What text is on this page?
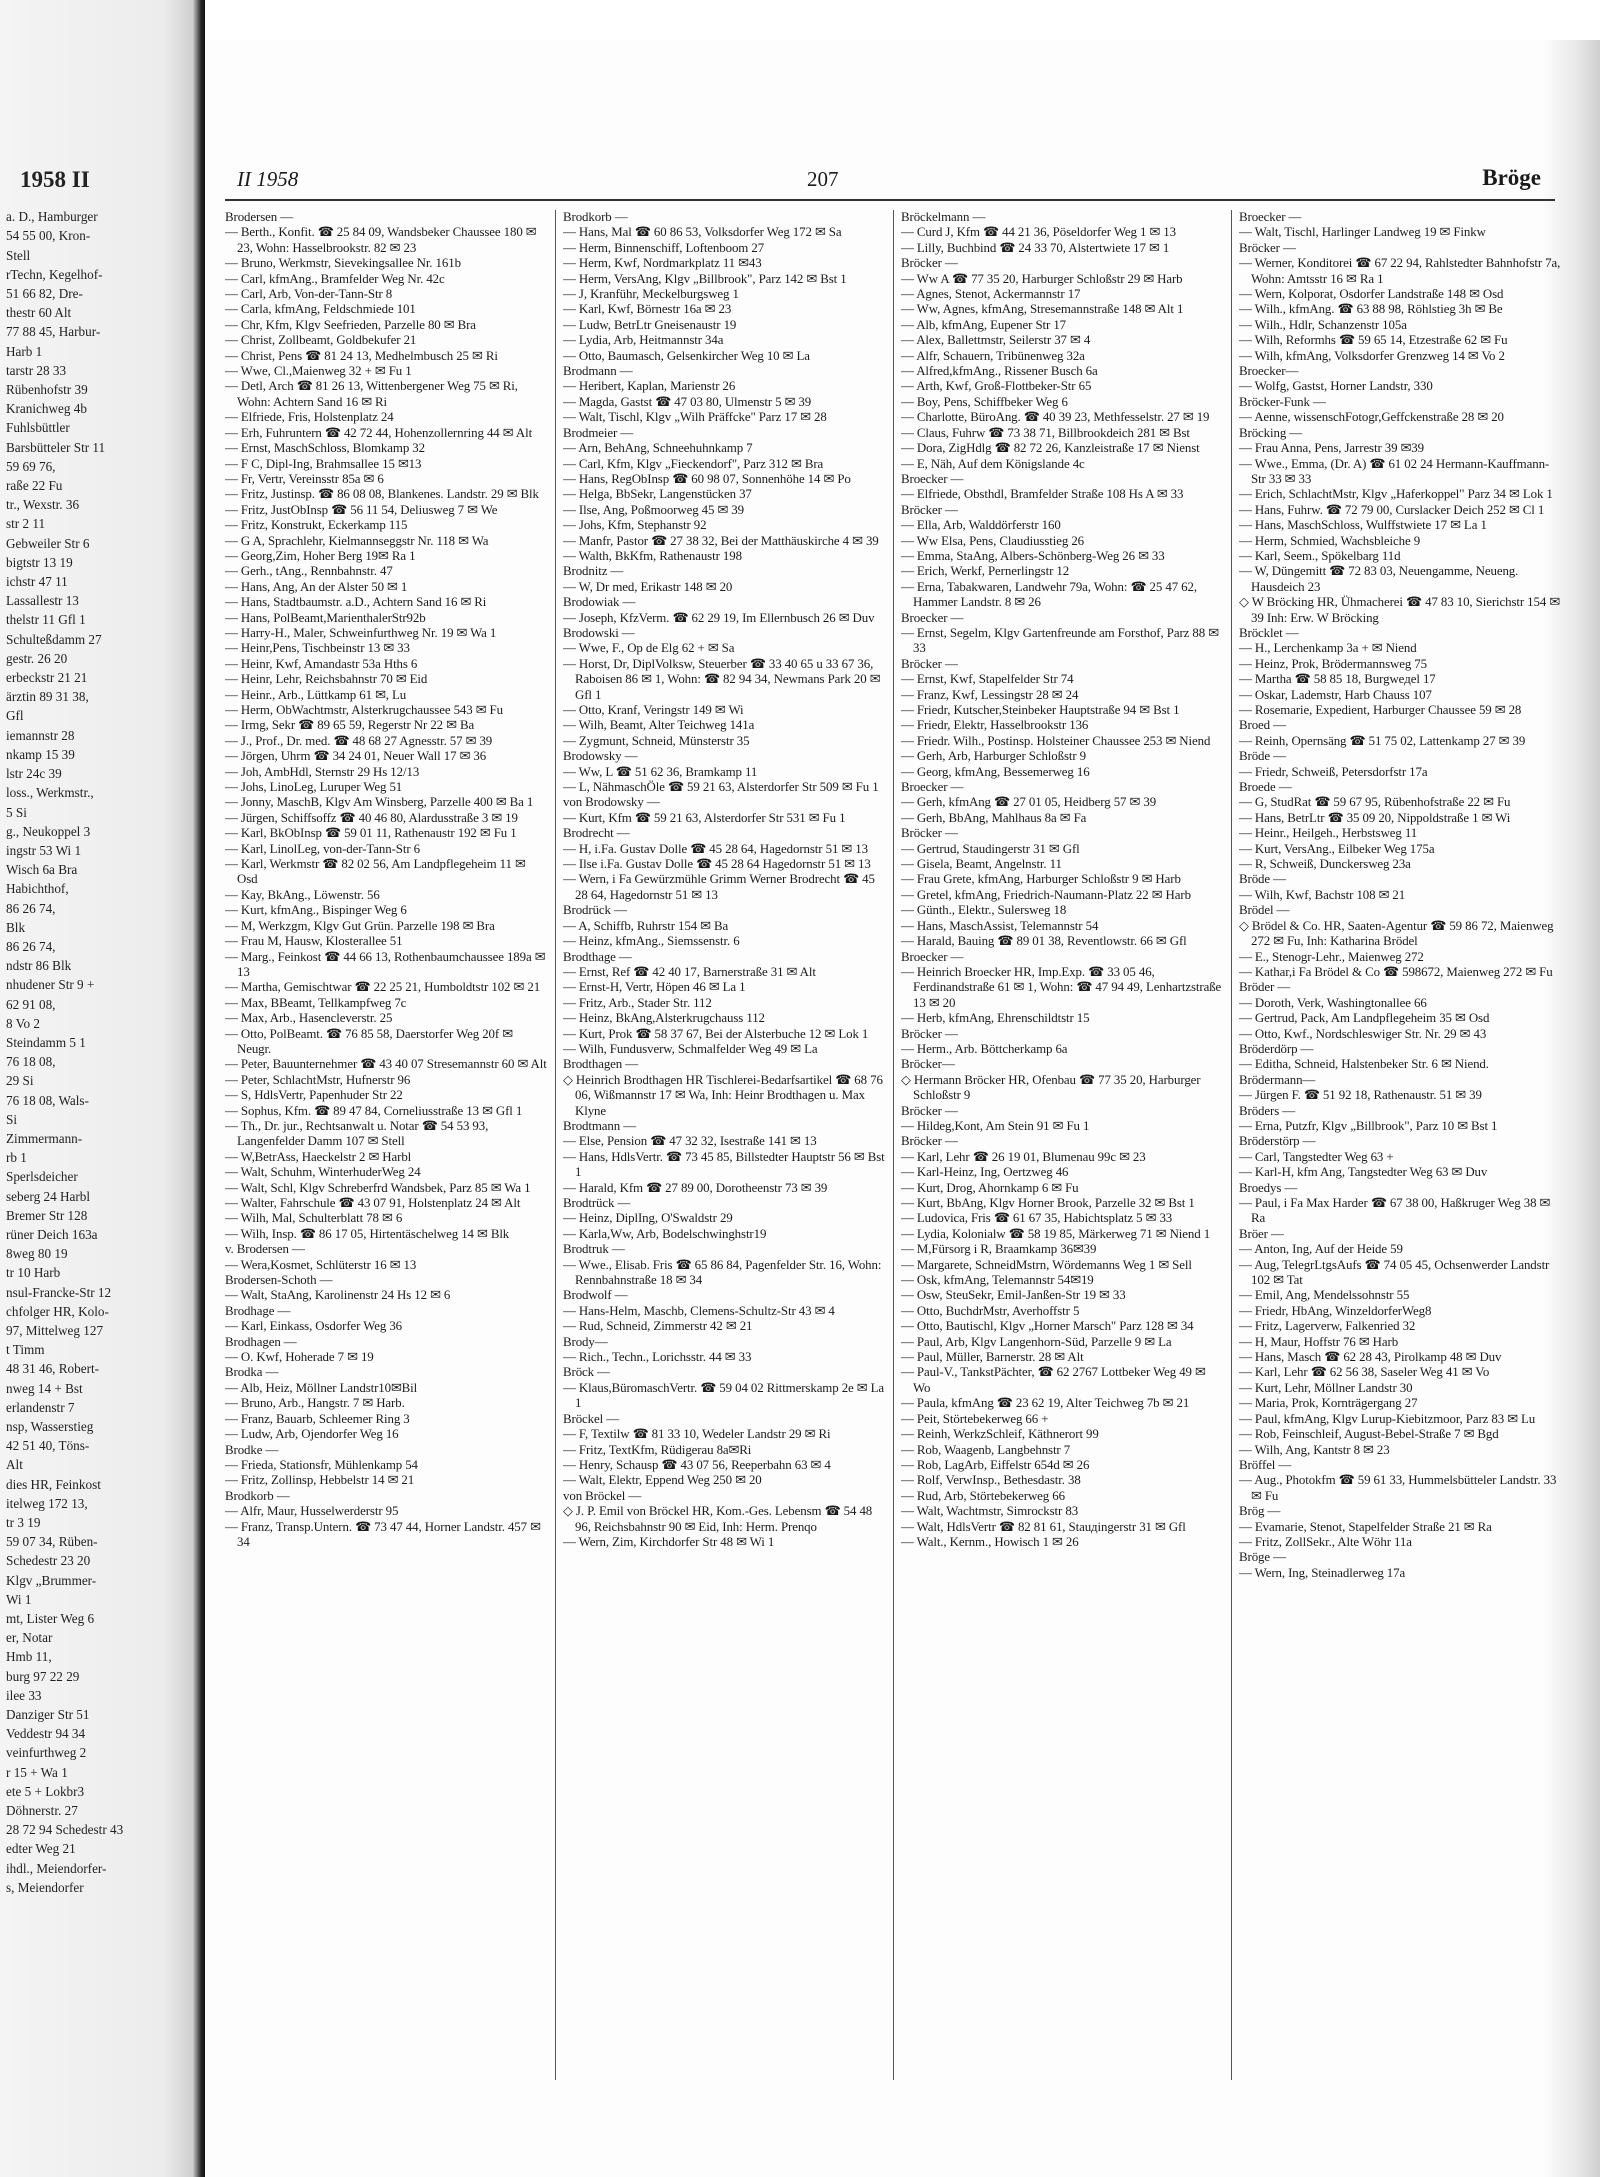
1958 II
a. D., Hamburger
54 55 00, Kron-
Stell
rTechn, Kegelhof-
51 66 82, Dre-
thestr 60 Alt
77 88 45, Harbur-
Harb 1
tarstr 28 33
Rübenhofstr 39
Kranichweg 4b
Fuhlsbüttler
Barsbütteler Str 11
59 69 76,
raße 22 Fu
tr., Wexstr. 36
str 2 11
Gebweiler Str 6
bigtstr 13 19
ichstr 47 11
Lassallestr 13
thelstr 11 Gfl 1
Schulteßdamm 27
gestr. 26 20
erbeckstr 21 21
ärztin 89 31 38,
Gfl
iemannstr 28
nkamp 15 39
lstr 24c 39
loss., Werkmstr.,
5 Si
g., Neukoppel 3
ingstr 53 Wi 1
Wisch 6a Bra
Habichthof,
86 26 74,
Blk
86 26 74,
ndstr 86 Blk
nhudener Str 9 +
62 91 08,
8 Vo 2
Steindamm 5 1
76 18 08,
29 Si
76 18 08, Wals-
Si
Zimmermann-
rb 1
Sperlsdeicher
seberg 24 Harbl
Bremer Str 128
rüner Deich 163a
8weg 80 19
tr 10 Harb
nsul-Francke-Str 12
chfolger HR, Kolo-
97, Mittelweg 127
t Timm
48 31 46, Robert-
nweg 14 + Bst
erlandenstr 7
nsp, Wasserstieg
42 51 40, Töns-
Alt
dies HR, Feinkost
itelweg 172 13,
tr 3 19
59 07 34, Rüben-
Schedestr 23 20
Klgv „Brummer-
Wi 1
mt, Lister Weg 6
er, Notar
Hmb 11,
burg 97 22 29
ilee 33
Danziger Str 51
Veddestr 94 34
veinfurthweg 2
r 15 + Wa 1
ete 5 + Lokbr3
Döhnerstr. 27
28 72 94 Schedestr 43
edter Weg 21
ihdl., Meiendorfer-
s, Meiendorfer
II 1958	207	Bröge

Brodersen —

— Berth., Konfit. ☎ 25 84 09, Wandsbeker Chaussee 180 ✉ 23, Wohn: Hasselbrookstr. 82 ✉ 23

— Bruno, Werkmstr, Sievekingsallee Nr. 161b

— Carl, kfmAng., Bramfelder Weg Nr. 42c

— Carl, Arb, Von-der-Tann-Str 8

— Carla, kfmAng, Feldschmiede 101

— Chr, Kfm, Klgv Seefrieden, Parzelle 80 ✉ Bra

— Christ, Zollbeamt, Goldbekufer 21

— Christ, Pens ☎ 81 24 13, Medhelmbusch 25 ✉ Ri

— Wwe, Cl.,Maienweg 32 + ✉ Fu 1

— Detl, Arch ☎ 81 26 13, Wittenbergener Weg 75 ✉ Ri, Wohn: Achtern Sand 16 ✉ Ri

— Elfriede, Fris, Holstenplatz 24

— Erh, Fuhruntern ☎ 42 72 44, Hohenzollernring 44 ✉ Alt

— Ernst, MaschSchloss, Blomkamp 32

— F C, Dipl-Ing, Brahmsallee 15 ✉13

— Fr, Vertr, Vereinsstr 85a ✉ 6

— Fritz, Justinsp. ☎ 86 08 08, Blankenes. Landstr. 29 ✉ Blk

— Fritz, JustObInsp ☎ 56 11 54, Deliusweg 7 ✉ We

— Fritz, Konstrukt, Eckerkamp 115

— G A, Sprachlehr, Kielmannseggstr Nr. 118 ✉ Wa

— Georg,Zim, Hoher Berg 19✉ Ra 1

— Gerh., tAng., Rennbahnstr. 47

— Hans, Ang, An der Alster 50 ✉ 1

— Hans, Stadtbaumstr. a.D., Achtern Sand 16 ✉ Ri

— Hans, PolBeamt,MarienthalerStr92b

— Harry-H., Maler, Schweinfurthweg Nr. 19 ✉ Wa 1

— Heinr,Pens, Tischbeinstr 13 ✉ 33

— Heinr, Kwf, Amandastr 53a Hths 6

— Heinr, Lehr, Reichsbahnstr 70 ✉ Eid

— Heinr., Arb., Lüttkamp 61 ✉, Lu

— Herm, ObWachtmstr, Alsterkrugchaussee 543 ✉ Fu

— Irmg, Sekr ☎ 89 65 59, Regerstr Nr 22 ✉ Ba

— J., Prof., Dr. med. ☎ 48 68 27 Agnesstr. 57 ✉ 39

— Jörgen, Uhrm ☎ 34 24 01, Neuer Wall 17 ✉ 36

— Joh, AmbHdl, Sternstr 29 Hs 12/13

— Johs, LinoLeg, Luruper Weg 51

— Jonny, MaschB, Klgv Am Winsberg, Parzelle 400 ✉ Ba 1

— Jürgen, Schiffsoffz ☎ 40 46 80, Alardusstraße 3 ✉ 19

— Karl, BkObInsp ☎ 59 01 11, Rathenaustr 192 ✉ Fu 1

— Karl, LinolLeg, von-der-Tann-Str 6

— Karl, Werkmstr ☎ 82 02 56, Am Landpflegeheim 11 ✉ Osd

— Kay, BkAng., Löwenstr. 56

— Kurt, kfmAng., Bispinger Weg 6

— M, Werkzgm, Klgv Gut Grün. Parzelle 198 ✉ Bra

— Frau M, Hausw, Klosterallee 51

— Marg., Feinkost ☎ 44 66 13, Rothenbaumchaussee 189a ✉ 13

— Martha, Gemischtwar ☎ 22 25 21, Humboldtstr 102 ✉ 21

— Max, BBeamt, Tellkampfweg 7c

— Max, Arb., Hasencleverstr. 25

— Otto, PolBeamt. ☎ 76 85 58, Daerstorfer Weg 20f ✉ Neugr.

— Peter, Bauunternehmer ☎ 43 40 07 Stresemannstr 60 ✉ Alt

— Peter, SchlachtMstr, Hufnerstr 96

— S, HdlsVertr, Papenhuder Str 22

— Sophus, Kfm. ☎ 89 47 84, Corneliusstraße 13 ✉ Gfl 1

— Th., Dr. jur., Rechtsanwalt u. Notar ☎ 54 53 93, Langenfelder Damm 107 ✉ Stell

— W,BetrAss, Haeckelstr 2 ✉ Harbl

— Walt, Schuhm, WinterhuderWeg 24

— Walt, Schl, Klgv Schreberfrd Wandsbek, Parz 85 ✉ Wa 1

— Walter, Fahrschule ☎ 43 07 91, Holstenplatz 24 ✉ Alt

— Wilh, Mal, Schulterblatt 78 ✉ 6

— Wilh, Insp. ☎ 86 17 05, Hirtentäschelweg 14 ✉ Blk

v. Brodersen —

— Wera,Kosmet, Schlüterstr 16 ✉ 13

Brodersen-Schoth —

— Walt, StaAng, Karolinenstr 24 Hs 12 ✉ 6

Brodhage —

— Karl, Einkass, Osdorfer Weg 36

Brodhagen —

— O. Kwf, Hoherade 7 ✉ 19

Brodka —

— Alb, Heiz, Möllner Landstr10✉Bil

— Bruno, Arb., Hangstr. 7 ✉ Harb.

— Franz, Bauarb, Schleemer Ring 3

— Ludw, Arb, Ojendorfer Weg 16

Brodke —

— Frieda, Stationsfr, Mühlenkamp 54

— Fritz, Zollinsp, Hebbelstr 14 ✉ 21

Brodkorb —

— Alfr, Maur, Husselwerderstr 95

— Franz, Transp.Untern. ☎ 73 47 44, Horner Landstr. 457 ✉ 34

Brodkorb —

— Hans, Mal ☎ 60 86 53, Volksdorfer Weg 172 ✉ Sa

— Herm, Binnenschiff, Loftenboom 27

— Herm, Kwf, Nordmarkplatz 11 ✉43

— Herm, VersAng, Klgv „Billbrook", Parz 142 ✉ Bst 1

— J, Kranführ, Meckelburgsweg 1

— Karl, Kwf, Börnestr 16a ✉ 23

— Ludw, BetrLtr Gneisenaustr 19

— Lydia, Arb, Heitmannstr 34a

— Otto, Baumasch, Gelsenkircher Weg 10 ✉ La

Brodmann —

— Heribert, Kaplan, Marienstr 26

— Magda, Gastst ☎ 47 03 80, Ulmenstr 5 ✉ 39

— Walt, Tischl, Klgv „Wilh Präffcke" Parz 17 ✉ 28

Brodmeier —

— Arn, BehAng, Schneehuhnkamp 7

— Carl, Kfm, Klgv „Fieckendorf", Parz 312 ✉ Bra

— Hans, RegObInsp ☎ 60 98 07, Sonnenhöhe 14 ✉ Po

— Helga, BbSekr, Langenstücken 37

— Ilse, Ang, Poßmoorweg 45 ✉ 39

— Johs, Kfm, Stephanstr 92

— Manfr, Pastor ☎ 27 38 32, Bei der Matthäuskirche 4 ✉ 39

— Walth, BkKfm, Rathenaustr 198

Brodnitz —

— W, Dr med, Erikastr 148 ✉ 20

Brodowiak —

— Joseph, KfzVerm. ☎ 62 29 19, Im Ellernbusch 26 ✉ Duv

Brodowski —

— Wwe, F., Op de Elg 62 + ✉ Sa

— Horst, Dr, DiplVolksw, Steuerber ☎ 33 40 65 u 33 67 36, Raboisen 86 ✉ 1, Wohn: ☎ 82 94 34, Newmans Park 20 ✉ Gfl 1

— Otto, Kranf, Veringstr 149 ✉ Wi

— Wilh, Beamt, Alter Teichweg 141a

— Zygmunt, Schneid, Münsterstr 35

Brodowsky —

— Ww, L ☎ 51 62 36, Bramkamp 11

— L, NähmaschÖle ☎ 59 21 63, Alsterdorfer Str 509 ✉ Fu 1

von Brodowsky —

— Kurt, Kfm ☎ 59 21 63, Alsterdorfer Str 531 ✉ Fu 1

Brodrecht —

— H, i.Fa. Gustav Dolle ☎ 45 28 64, Hagedornstr 51 ✉ 13

— Ilse i.Fa. Gustav Dolle ☎ 45 28 64 Hagedornstr 51 ✉ 13

— Wern, i Fa Gewürzmühle Grimm Werner Brodrecht ☎ 45 28 64, Hagedornstr 51 ✉ 13

Brodrück —

— A, Schiffb, Ruhrstr 154 ✉ Ba

— Heinz, kfmAng., Siemssenstr. 6

Brodthage —

— Ernst, Ref ☎ 42 40 17, Barnerstraße 31 ✉ Alt

— Ernst-H, Vertr, Höpen 46 ✉ La 1

— Fritz, Arb., Stader Str. 112

— Heinz, BkAng,Alsterkrugchauss 112

— Kurt, Prok ☎ 58 37 67, Bei der Alsterbuche 12 ✉ Lok 1

— Wilh, Fundusverw, Schmalfelder Weg 49 ✉ La

Brodthagen —

◇ Heinrich Brodthagen HR Tischlerei-Bedarfsartikel ☎ 68 76 06, Wißmannstr 17 ✉ Wa, Inh: Heinr Brodthagen u. Max Klyne

Brodtmann —

— Else, Pension ☎ 47 32 32, Isestraße 141 ✉ 13

— Hans, HdlsVertr. ☎ 73 45 85, Billstedter Hauptstr 56 ✉ Bst 1

— Harald, Kfm ☎ 27 89 00, Dorotheenstr 73 ✉ 39

Brodtrück —

— Heinz, DiplIng, O'Swaldstr 29

— Karla,Ww, Arb, Bodelschwinghstr19

Brodtruk —

— Wwe., Elisab. Fris ☎ 65 86 84, Pagenfelder Str. 16, Wohn: Rennbahnstraße 18 ✉ 34

Brodwolf —

— Hans-Helm, Maschb, Clemens-Schultz-Str 43 ✉ 4

— Rud, Schneid, Zimmerstr 42 ✉ 21

Brody—

— Rich., Techn., Lorichsstr. 44 ✉ 33

Bröck —

— Klaus,BüromaschVertr. ☎ 59 04 02 Rittmerskamp 2e ✉ La 1

Bröckel —

— F, Textilw ☎ 81 33 10, Wedeler Landstr 29 ✉ Ri

— Fritz, TextKfm, Rüdigerau 8a✉Ri

— Henry, Schausp ☎ 43 07 56, Reeperbahn 63 ✉ 4

— Walt, Elektr, Eppend Weg 250 ✉ 20

von Bröckel —

◇ J. P. Emil von Bröckel HR, Kom.-Ges. Lebensm ☎ 54 48 96, Reichsbahnstr 90 ✉ Eid, Inh: Herm. Prenqo

— Wern, Zim, Kirchdorfer Str 48 ✉ Wi 1

Bröckelmann —

— Curd J, Kfm ☎ 44 21 36, Pöseldorfer Weg 1 ✉ 13

— Lilly, Buchbind ☎ 24 33 70, Alstertwiete 17 ✉ 1

Bröcker —

— Ww A ☎ 77 35 20, Harburger Schloßstr 29 ✉ Harb

— Agnes, Stenot, Ackermannstr 17

— Ww, Agnes, kfmAng, Stresemannstraße 148 ✉ Alt 1

— Alb, kfmAng, Eupener Str 17

— Alex, Ballettmstr, Seilerstr 37 ✉ 4

— Alfr, Schauern, Tribünenweg 32a

— Alfred,kfmAng., Rissener Busch 6a

— Arth, Kwf, Groß-Flottbeker-Str 65

— Boy, Pens, Schiffbeker Weg 6

— Charlotte, BüroAng. ☎ 40 39 23, Methfesselstr. 27 ✉ 19

— Claus, Fuhrw ☎ 73 38 71, Billbrookdeich 281 ✉ Bst

— Dora, ZigHdlg ☎ 82 72 26, Kanzleistraße 17 ✉ Nienst

— E, Näh, Auf dem Königslande 4c

Broecker —

— Elfriede, Obsthdl, Bramfelder Straße 108 Hs A ✉ 33

Bröcker —

— Ella, Arb, Walddörferstr 160

— Ww Elsa, Pens, Claudiusstieg 26

— Emma, StaAng, Albers-Schönberg-Weg 26 ✉ 33

— Erich, Werkf, Pernerlingstr 12

— Erna, Tabakwaren, Landwehr 79a, Wohn: ☎ 25 47 62, Hammer Landstr. 8 ✉ 26

Broecker —

— Ernst, Segelm, Klgv Gartenfreunde am Forsthof, Parz 88 ✉ 33

Bröcker —

— Ernst, Kwf, Stapelfelder Str 74

— Franz, Kwf, Lessingstr 28 ✉ 24

— Friedr, Kutscher,Steinbeker Hauptstraße 94 ✉ Bst 1

— Friedr, Elektr, Hasselbrookstr 136

— Friedr. Wilh., Postinsp. Holsteiner Chaussee 253 ✉ Niend

— Gerh, Arb, Harburger Schloßstr 9

— Georg, kfmAng, Bessemerweg 16

Broecker —

— Gerh, kfmAng ☎ 27 01 05, Heidberg 57 ✉ 39

— Gerh, BbAng, Mahlhaus 8a ✉ Fa

Bröcker —

— Gertrud, Staudingerstr 31 ✉ Gfl

— Gisela, Beamt, Angelnstr. 11

— Frau Grete, kfmAng, Harburger Schloßstr 9 ✉ Harb

— Gretel, kfmAng, Friedrich-Naumann-Platz 22 ✉ Harb

— Günth., Elektr., Sulersweg 18

— Hans, MaschAssist, Telemannstr 54

— Harald, Bauing ☎ 89 01 38, Reventlowstr. 66 ✉ Gfl

Broecker —

— Heinrich Broecker HR, Imp.Exp. ☎ 33 05 46, Ferdinandstraße 61 ✉ 1, Wohn: ☎ 47 94 49, Lenhartzstraße 13 ✉ 20

— Herb, kfmAng, Ehrenschildtstr 15

Bröcker —

— Herm., Arb. Böttcherkamp 6a

Bröcker—

◇ Hermann Bröcker HR, Ofenbau ☎ 77 35 20, Harburger Schloßstr 9

Bröcker —

— Hildeg,Kont, Am Stein 91 ✉ Fu 1

Bröcker —

— Karl, Lehr ☎ 26 19 01, Blumenau 99c ✉ 23

— Karl-Heinz, Ing, Oertzweg 46

— Kurt, Drog, Ahornkamp 6 ✉ Fu

— Kurt, BbAng, Klgv Horner Brook, Parzelle 32 ✉ Bst 1

— Ludovica, Fris ☎ 61 67 35, Habichtsplatz 5 ✉ 33

— Lydia, Kolonialw ☎ 58 19 85, Märkerweg 71 ✉ Niend 1

— M,Fürsorg i R, Braamkamp 36✉39

— Margarete, SchneidMstrn, Wördemanns Weg 1 ✉ Sell

— Osk, kfmAng, Telemannstr 54✉19

— Osw, SteuSekr, Emil-Janßen-Str 19 ✉ 33

— Otto, BuchdrMstr, Averhoffstr 5

— Otto, Bautischl, Klgv „Horner Marsch" Parz 128 ✉ 34

— Paul, Arb, Klgv Langenhorn-Süd, Parzelle 9 ✉ La

— Paul, Müller, Barnerstr. 28 ✉ Alt

— Paul-V., TankstPächter, ☎ 62 2767 Lottbeker Weg 49 ✉ Wo

— Paula, kfmAng ☎ 23 62 19, Alter Teichweg 7b ✉ 21

— Peit, Störtebekerweg 66 +

— Reinh, WerkzSchleif, Käthnerort 99

— Rob, Waagenb, Langbehnstr 7

— Rob, LagArb, Eiffelstr 654d ✉ 26

— Rolf, VerwInsp., Bethesdastr. 38

— Rud, Arb, Störtebekerweg 66

— Walt, Wachtmstr, Simrockstr 83

— Walt, HdlsVertr ☎ 82 81 61, Stauдingerstr 31 ✉ Gfl

— Walt., Kernm., Howisch 1 ✉ 26

Broecker —

— Walt, Tischl, Harlinger Landweg 19 ✉ Finkw

Bröcker —

— Werner, Konditorei ☎ 67 22 94, Rahlstedter Bahnhofstr 7a, Wohn: Amtsstr 16 ✉ Ra 1

— Wern, Kolporat, Osdorfer Landstraße 148 ✉ Osd

— Wilh., kfmAng. ☎ 63 88 98, Röhlstieg 3h ✉ Be

— Wilh., Hdlr, Schanzenstr 105a

— Wilh, Reformhs ☎ 59 65 14, Etzestraße 62 ✉ Fu

— Wilh, kfmAng, Volksdorfer Grenzweg 14 ✉ Vo 2

Broecker—

— Wolfg, Gastst, Horner Landstr, 330

Bröcker-Funk —

— Aenne, wissenschFotogr,Geffckenstraße 28 ✉ 20

Bröcking —

— Frau Anna, Pens, Jarrestr 39 ✉39

— Wwe., Emma, (Dr. A) ☎ 61 02 24 Hermann-Kauffmann-Str 33 ✉ 33

— Erich, SchlachtMstr, Klgv „Haferkoppel" Parz 34 ✉ Lok 1

— Hans, Fuhrw. ☎ 72 79 00, Curslacker Deich 252 ✉ Cl 1

— Hans, MaschSchloss, Wulffstwiete 17 ✉ La 1

— Herm, Schmied, Wachsbleiche 9

— Karl, Seem., Spökelbarg 11d

— W, Düngemitt ☎ 72 83 03, Neuengamme, Neueng. Hausdeich 23

◇ W Bröcking HR, Ühmacherei ☎ 47 83 10, Sierichstr 154 ✉ 39 Inh: Erw. W Bröcking

Bröcklet —

— H., Lerchenkamp 3a + ✉ Niend

— Heinz, Prok, Brödermannsweg 75

— Martha ☎ 58 85 18, Burgweдel 17

— Oskar, Lademstr, Harb Chauss 107

— Rosemarie, Expedient, Harburger Chaussee 59 ✉ 28

Broed —

— Reinh, Opernsäng ☎ 51 75 02, Lattenkamp 27 ✉ 39

Bröde —

— Friedr, Schweiß, Petersdorfstr 17a

Broede —

— G, StudRat ☎ 59 67 95, Rübenhofstraße 22 ✉ Fu

— Hans, BetrLtr ☎ 35 09 20, Nippoldstraße 1 ✉ Wi

— Heinr., Heilgeh., Herbstsweg 11

— Kurt, VersAng., Eilbeker Weg 175a

— R, Schweiß, Dunckersweg 23a

Bröde —

— Wilh, Kwf, Bachstr 108 ✉ 21

Brödel —

◇ Brödel & Co. HR, Saaten-Agentur ☎ 59 86 72, Maienweg 272 ✉ Fu, Inh: Katharina Brödel

— E., Stenogr-Lehr., Maienweg 272

— Kathar,i Fa Brödel & Co ☎ 598672, Maienweg 272 ✉ Fu

Bröder —

— Doroth, Verk, Washingtonallee 66

— Gertrud, Pack, Am Landpflegeheim 35 ✉ Osd

— Otto, Kwf., Nordschleswiger Str. Nr. 29 ✉ 43

Bröderdörp —

— Editha, Schneid, Halstenbeker Str. 6 ✉ Niend.

Brödermann—

— Jürgen F. ☎ 51 92 18, Rathenaustr. 51 ✉ 39

Bröders —

— Erna, Putzfr, Klgv „Billbrook", Parz 10 ✉ Bst 1

Bröderstörp —

— Carl, Tangstedter Weg 63 +

— Karl-H, kfm Ang, Tangstedter Weg 63 ✉ Duv

Broedys —

— Paul, i Fa Max Harder ☎ 67 38 00, Haßkruger Weg 38 ✉ Ra

Bröer —

— Anton, Ing, Auf der Heide 59

— Aug, TelegrLtgsAufs ☎ 74 05 45, Ochsenwerder Landstr 102 ✉ Tat

— Emil, Ang, Mendelssohnstr 55

— Friedr, HbAng, WinzeldorferWeg8

— Fritz, Lagerverw, Falkenried 32

— H, Maur, Hoffstr 76 ✉ Harb

— Hans, Masch ☎ 62 28 43, Pirolkamp 48 ✉ Duv

— Karl, Lehr ☎ 62 56 38, Saseler Weg 41 ✉ Vo

— Kurt, Lehr, Möllner Landstr 30

— Maria, Prok, Kornträgergang 27

— Paul, kfmAng, Klgv Lurup-Kiebitzmoor, Parz 83 ✉ Lu

— Rob, Feinschleif, August-Bebel-Straße 7 ✉ Bgd

— Wilh, Ang, Kantstr 8 ✉ 23

Bröffel —

— Aug., Photokfm ☎ 59 61 33, Hummelsbütteler Landstr. 33 ✉ Fu

Brög —

— Evamarie, Stenot, Stapelfelder Straße 21 ✉ Ra

— Fritz, ZollSekr., Alte Wöhr 11a

Bröge —

— Wern, Ing, Steinadlerweg 17a
